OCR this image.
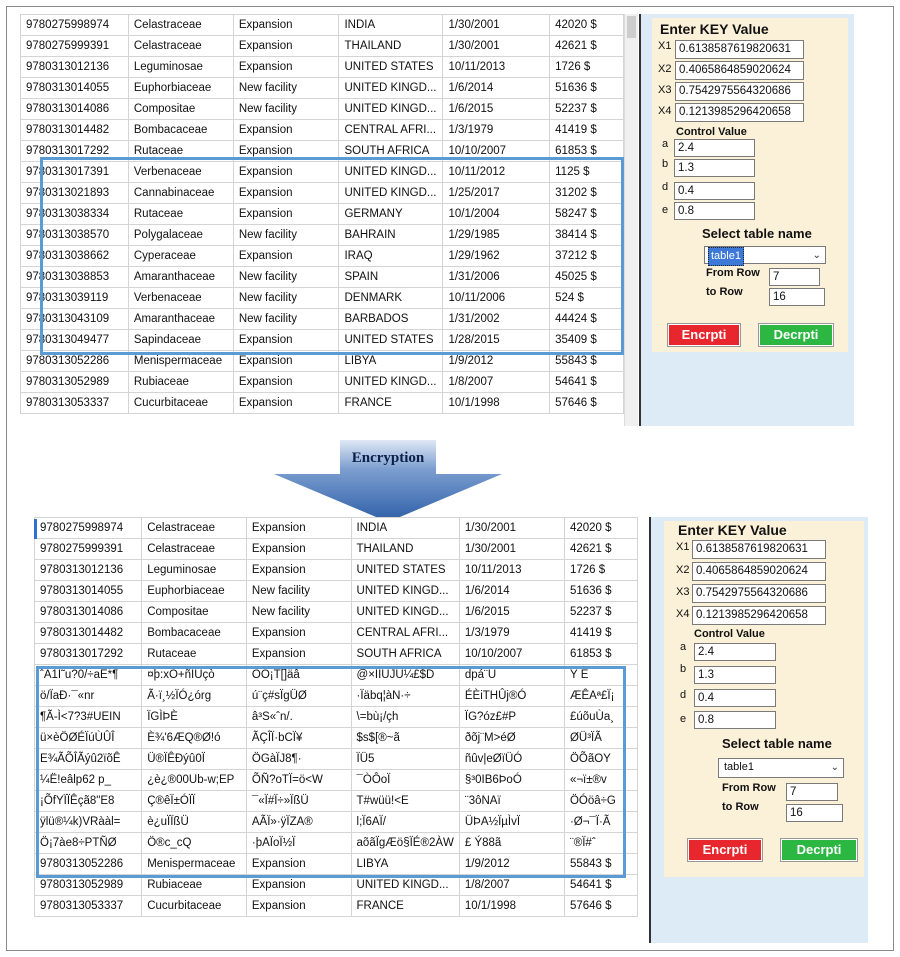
9780275998974	Celastraceae	Expansion	INDIA	1/30/2001	42020 $
9780275999391	Celastraceae	Expansion	THAILAND	1/30/2001	42621 $
9780313012136	Leguminosae	Expansion	UNITED STATES	10/11/2013	1726 $
9780313014055	Euphorbiaceae	New facility	UNITED KINGD...	1/6/2014	51636 $
9780313014086	Compositae	New facility	UNITED KINGD...	1/6/2015	52237 $
9780313014482	Bombacaceae	Expansion	CENTRAL AFRI...	1/3/1979	41419 $
9780313017292	Rutaceae	Expansion	SOUTH AFRICA	10/10/2007	61853 $
9780313017391	Verbenaceae	Expansion	UNITED KINGD...	10/11/2012	1125 $
9780313021893	Cannabinaceae	Expansion	UNITED KINGD...	1/25/2017	31202 $
9780313038334	Rutaceae	Expansion	GERMANY	10/1/2004	58247 $
9780313038570	Polygalaceae	New facility	BAHRAIN	1/29/1985	38414 $
9780313038662	Cyperaceae	Expansion	IRAQ	1/29/1962	37212 $
9780313038853	Amaranthaceae	New facility	SPAIN	1/31/2006	45025 $
9780313039119	Verbenaceae	New facility	DENMARK	10/11/2006	524 $
9780313043109	Amaranthaceae	New facility	BARBADOS	1/31/2002	44424 $
9780313049477	Sapindaceae	Expansion	UNITED STATES	1/28/2015	35409 $
9780313052286	Menispermaceae	Expansion	LIBYA	1/9/2012	55843 $
9780313052989	Rubiaceae	Expansion	UNITED KINGD...	1/8/2007	54641 $
9780313053337	Cucurbitaceae	Expansion	FRANCE	10/1/1998	57646 $
Enter KEY Value
X1 0.6138587619820631
X2 0.4065864859020624
X3 0.7542975564320686
X4 0.1213985296420658
Control Value
a 2.4
b 1.3
d 0.4
e 0.8
Select table name
table1	⌄
From Row	7
to Row	16
Encrpti	Decrpti
Encryption
9780275998974	Celastraceae	Expansion	INDIA	1/30/2001	42020 $
9780275999391	Celastraceae	Expansion	THAILAND	1/30/2001	42621 $
9780313012136	Leguminosae	Expansion	UNITED STATES	10/11/2013	1726 $
9780313014055	Euphorbiaceae	New facility	UNITED KINGD...	1/6/2014	51636 $
9780313014086	Compositae	New facility	UNITED KINGD...	1/6/2015	52237 $
9780313014482	Bombacaceae	Expansion	CENTRAL AFRI...	1/3/1979	41419 $
9780313017292	Rutaceae	Expansion	SOUTH AFRICA	10/10/2007	61853 $
ˆA1Ï˜u?0/÷aE*¶	¤þ:xÓ+ñÏUçò	ÖÕ¡T[]äâ	@×ÍÏÛJÚ¼£$D	dpá¨Û	Ý Ë
ö/ÏaÐ·¯«nr	Ã·ï¸½ÏÓ¿órg	ú¨ç#sÏgÜØ	·Ïäbq¦àN·÷	ÉÈiTHÛj®Ó	ÆÊAª£Ï¡
¶Ã-Ì<7?3#UEIN	ÏGÌÞÈ	â³S«ˆn/.	\=bù¡/çh	ÏG?óz£#P	£úõuÙa¸
ü×èÖØÉÏúÙÛÎ	È¾'6ÆQ®Ø!ó	ÃÇÎÏ·bCÏ¥	$s$[®~ã	ðõj¨M>éØ	ØÜ³ÏÃ
E¾ÃÕÎÃýû2ïõÊ	Ü®ÏÊÐýû0Ï	ÖGàÏJ8¶·	ÏÜ5	ñûv|eØïÜÓ	ÖÕãOY
¼Ë!eâlp62 p_	¿è¿®00Ub-w;EP	ÕÑ?oTÏ=ö<W	¯ÒÔoÏ	§³0IB6ÞoÓ	«¬ï±®v
¡ÕfYÏÏÊçã8"E8	Ç®êÏ±ÓÏÏ	¯«Ï#Ï÷»ÏßÜ	T#wüü!<E	¨3ôNAï	ÖÓöâ÷G
ÿlü®¼k)VRààl=	è¿uÏÏßÜ	AÃÏ»·ÿÏZA®	l;Ï6AÏ/	ÜÞA½ÏµÌvÏ	·Ø¬¯Ï·Ã
Ö¡7àe8÷PTÑØ	Ö®c_cQ	·þAÏoÏ½Ï	aõãÏgÆö§ÏÉ®2ÀW	£ Ý88ã	¨®Ï#ˆ
9780313052286	Menispermaceae	Expansion	LIBYA	1/9/2012	55843 $
9780313052989	Rubiaceae	Expansion	UNITED KINGD...	1/8/2007	54641 $
9780313053337	Cucurbitaceae	Expansion	FRANCE	10/1/1998	57646 $
Enter KEY Value
X1 0.6138587619820631
X2 0.4065864859020624
X3 0.7542975564320686
X4 0.1213985296420658
Control Value
a	2.4
b	1.3
d	0.4
e	0.8
Select table name
table1	⌄
From Row	7
to Row	16
Encrpti	Decrpti
